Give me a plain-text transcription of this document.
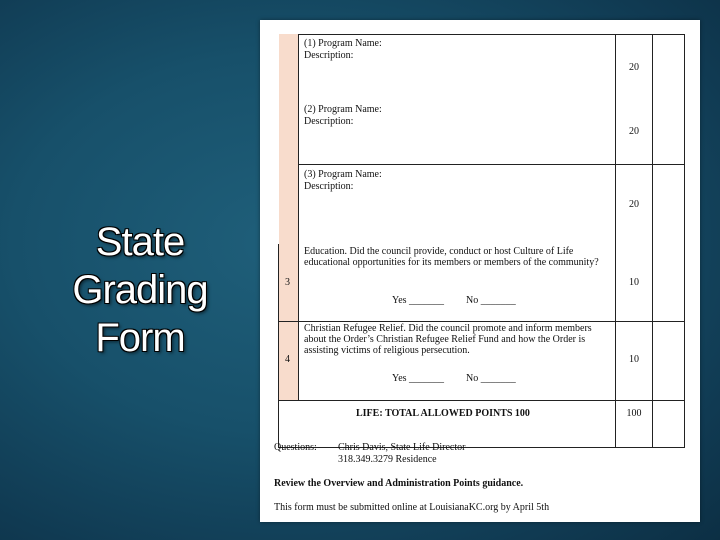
State
Grading
Form
(1) Program Name:
Description:
20
(2) Program Name:
Description:
20
(3) Program Name:
Description:
20
3
Education. Did the council provide, conduct or host Culture of Life educational opportunities for its members or members of the community?
Yes _______ No _______
10
4
Christian Refugee Relief. Did the council promote and inform members about the Order’s Christian Refugee Relief Fund and how the Order is assisting victims of religious persecution.
Yes _______ No _______
10
LIFE: TOTAL ALLOWED POINTS 100	100
Questions: Chris Davis, State Life Director
318.349.3279 Residence
Review the Overview and Administration Points guidance.
This form must be submitted online at LouisianaKC.org by April 5th
